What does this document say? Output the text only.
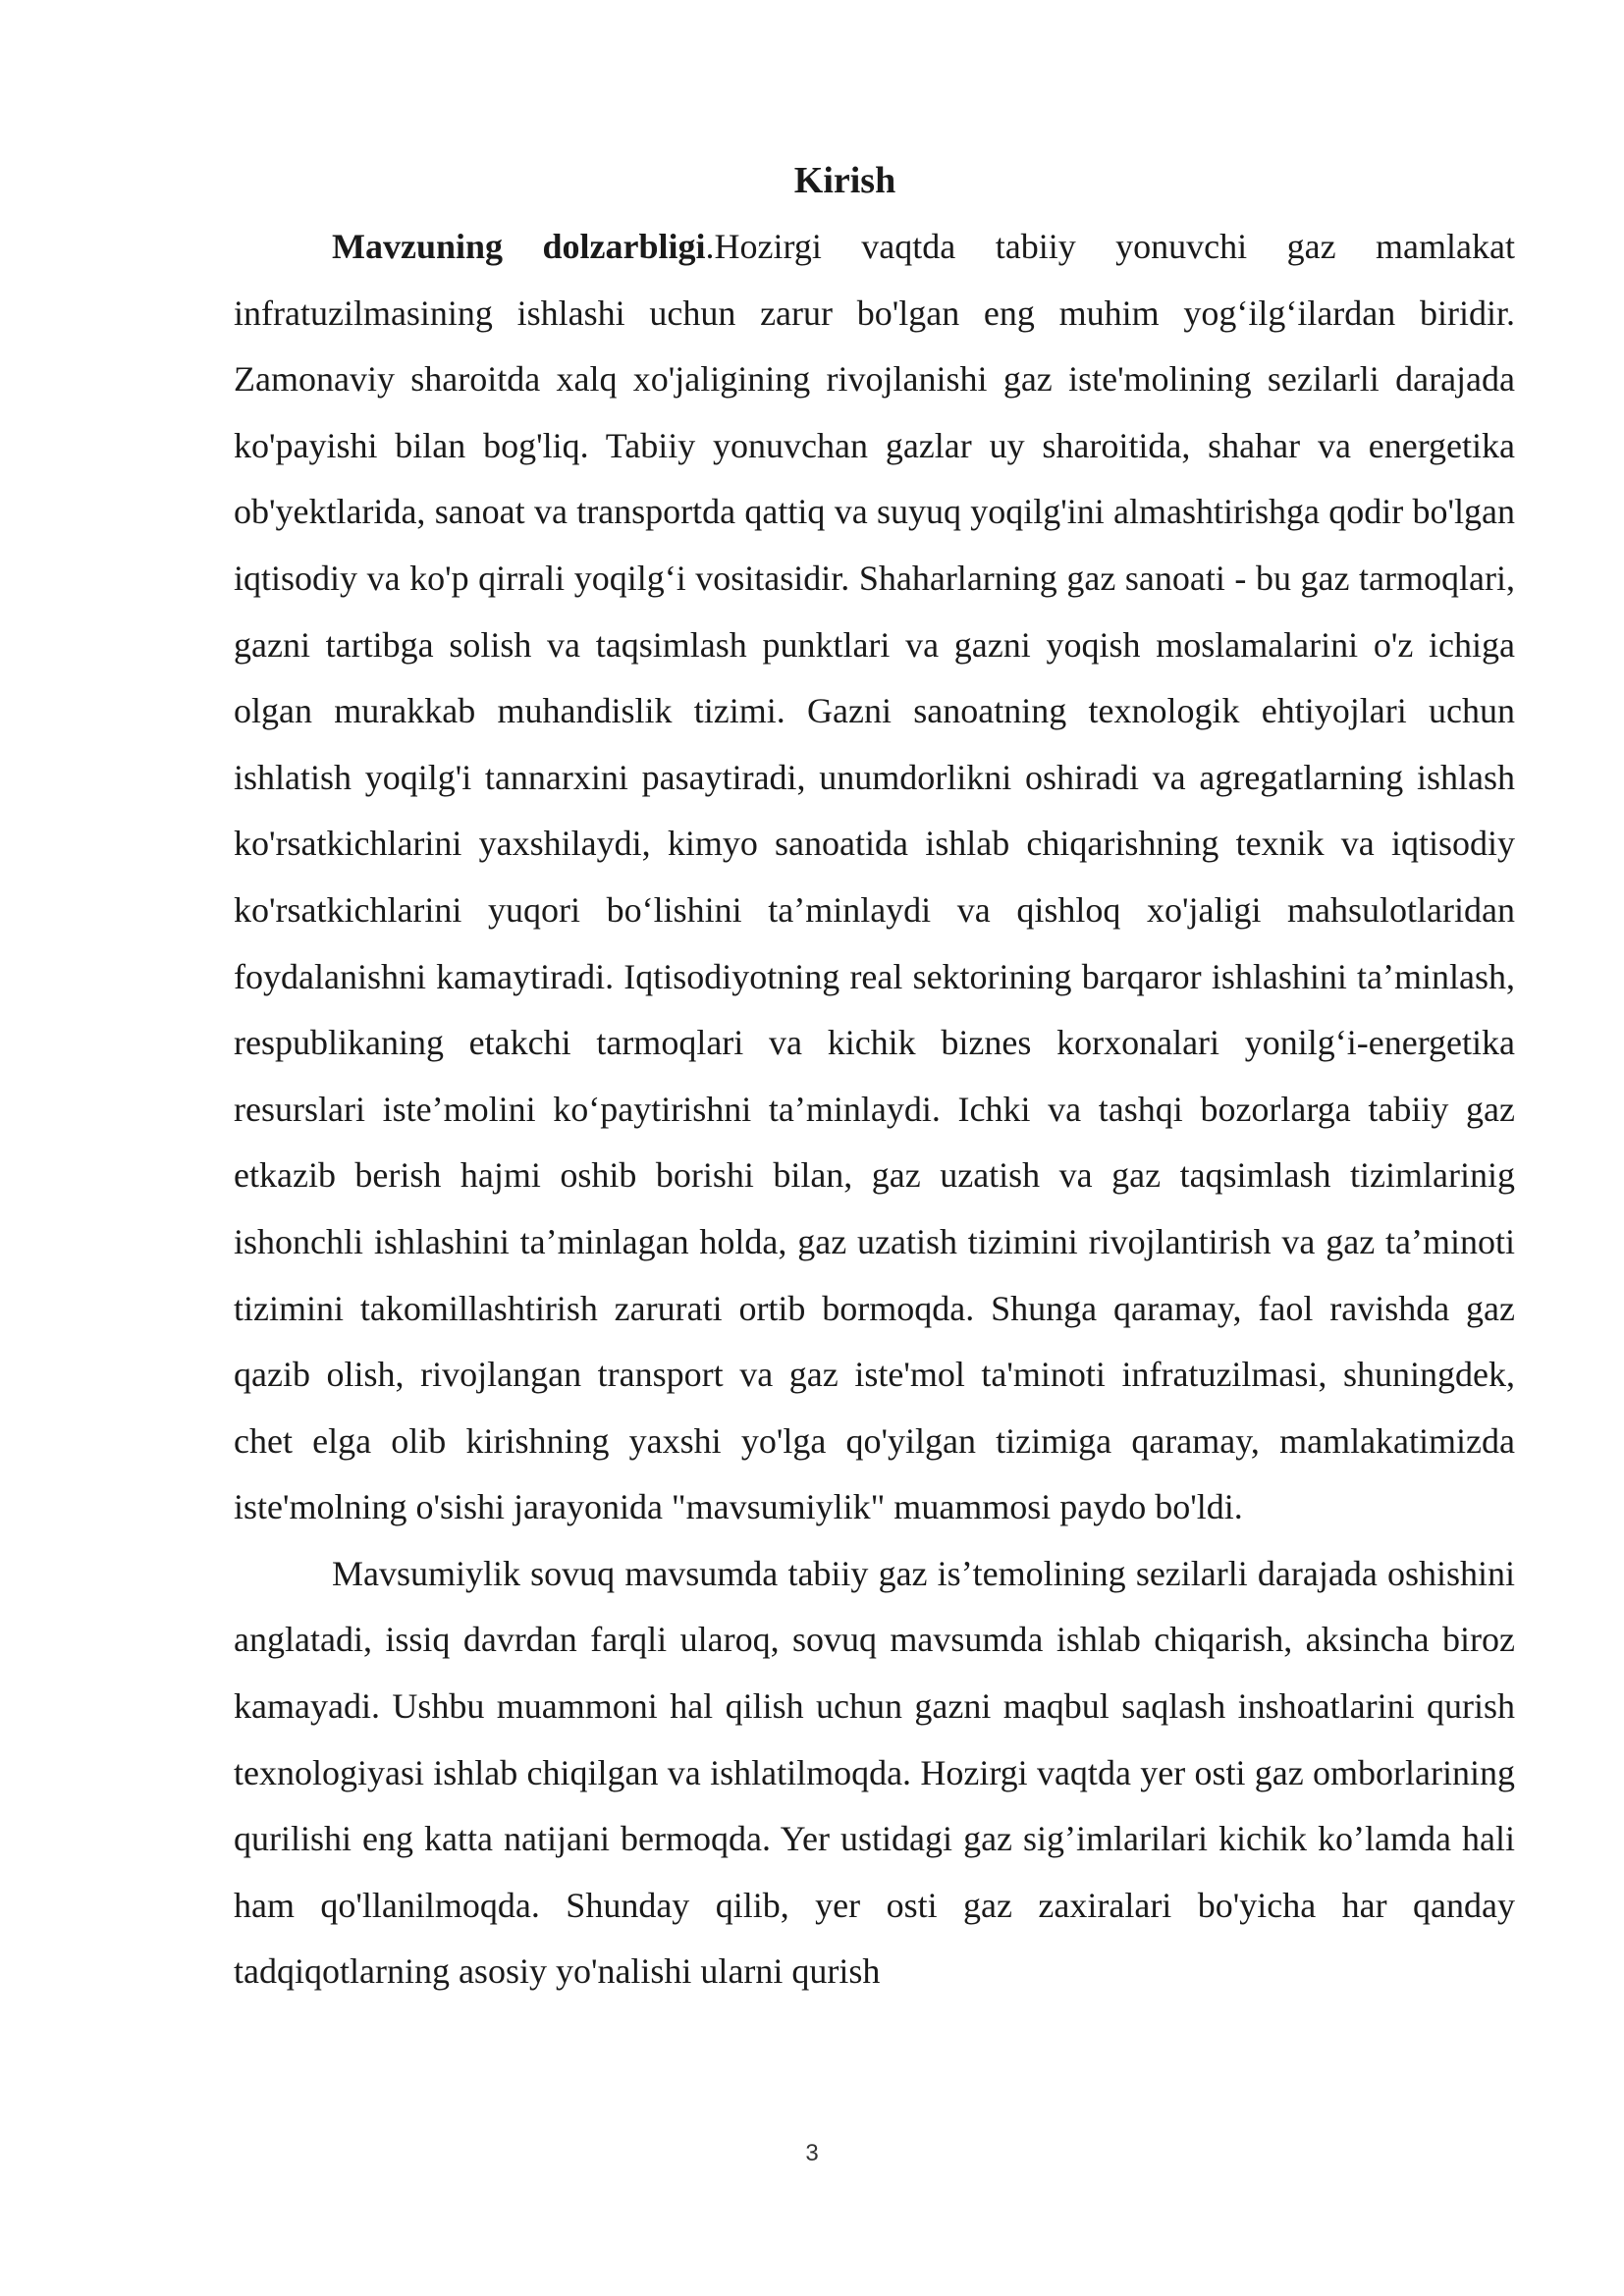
Kirish

Mavzuning dolzarbligi.Hozirgi vaqtda tabiiy yonuvchi gaz mamlakat infratuzilmasining ishlashi uchun zarur bo'lgan eng muhim yogʻilgʻilardan biridir. Zamonaviy sharoitda xalq xo'jaligining rivojlanishi gaz iste'molining sezilarli darajada ko'payishi bilan bog'liq. Tabiiy yonuvchan gazlar uy sharoitida, shahar va energetika ob'yektlarida, sanoat va transportda qattiq va suyuq yoqilg'ini almashtirishga qodir bo'lgan iqtisodiy va ko'p qirrali yoqilgʻi vositasidir. Shaharlarning gaz sanoati - bu gaz tarmoqlari, gazni tartibga solish va taqsimlash punktlari va gazni yoqish moslamalarini o'z ichiga olgan murakkab muhandislik tizimi. Gazni sanoatning texnologik ehtiyojlari uchun ishlatish yoqilg'i tannarxini pasaytiradi, unumdorlikni oshiradi va agregatlarning ishlash ko'rsatkichlarini yaxshilaydi, kimyo sanoatida ishlab chiqarishning texnik va iqtisodiy ko'rsatkichlarini yuqori boʻlishini taʼminlaydi va qishloq xo'jaligi mahsulotlaridan foydalanishni kamaytiradi. Iqtisodiyotning real sektorining barqaror ishlashini taʼminlash, respublikaning etakchi tarmoqlari va kichik biznes korxonalari yonilgʻi-energetika resurslari isteʼmolini koʻpaytirishni taʼminlaydi. Ichki va tashqi bozorlarga tabiiy gaz etkazib berish hajmi oshib borishi bilan, gaz uzatish va gaz taqsimlash tizimlarinig ishonchli ishlashini taʼminlagan holda, gaz uzatish tizimini rivojlantirish va gaz taʼminoti tizimini takomillashtirish zarurati ortib bormoqda. Shunga qaramay, faol ravishda gaz qazib olish, rivojlangan transport va gaz iste'mol ta'minoti infratuzilmasi, shuningdek, chet elga olib kirishning yaxshi yo'lga qo'yilgan tizimiga qaramay, mamlakatimizda iste'molning o'sishi jarayonida "mavsumiylik" muammosi paydo bo'ldi.

Mavsumiylik sovuq mavsumda tabiiy gaz isʼtemolining sezilarli darajada oshishini anglatadi, issiq davrdan farqli ularoq, sovuq mavsumda ishlab chiqarish, aksincha biroz kamayadi. Ushbu muammoni hal qilish uchun gazni maqbul saqlash inshoatlarini qurish texnologiyasi ishlab chiqilgan va ishlatilmoqda. Hozirgi vaqtda yer osti gaz omborlarining qurilishi eng katta natijani bermoqda. Yer ustidagi gaz sigʼimlarilari kichik koʼlamda hali ham qo'llanilmoqda. Shunday qilib, yer osti gaz zaxiralari bo'yicha har qanday tadqiqotlarning asosiy yo'nalishi ularni qurish

3
